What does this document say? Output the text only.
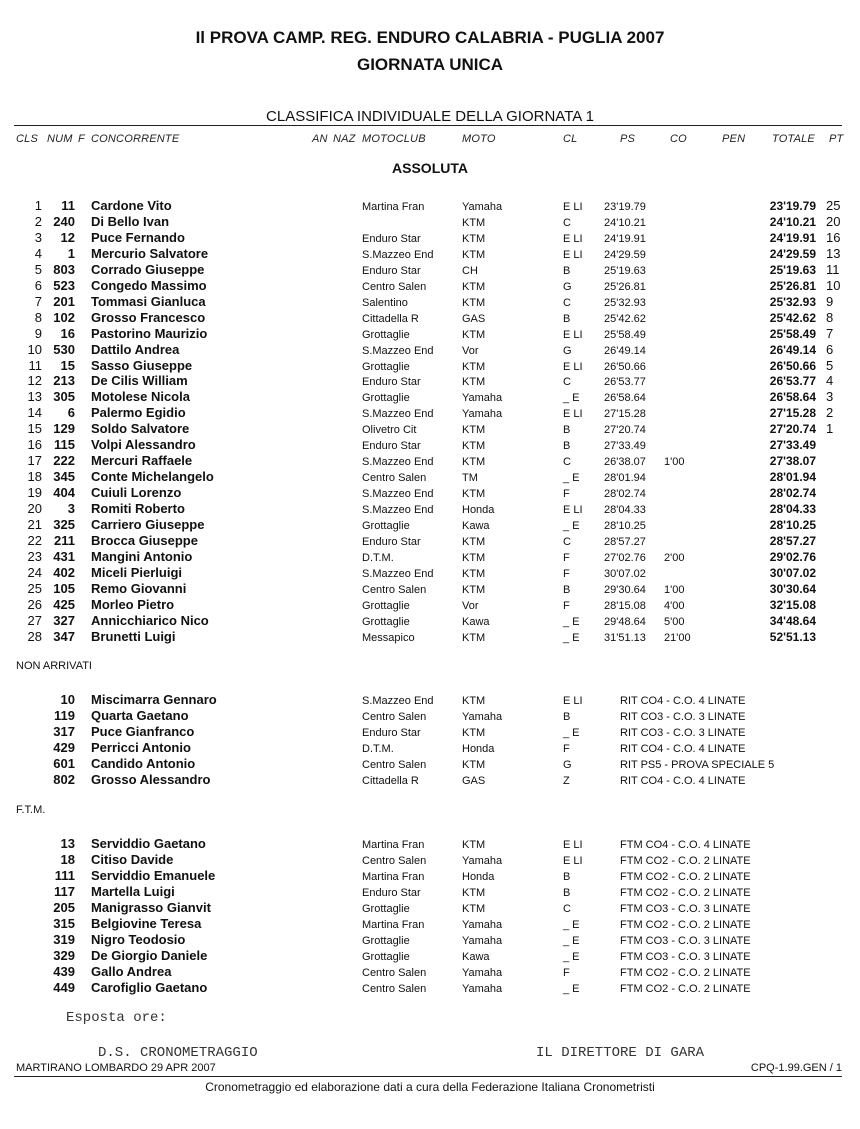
Il PROVA CAMP. REG. ENDURO CALABRIA - PUGLIA 2007
GIORNATA UNICA
CLASSIFICA INDIVIDUALE DELLA GIORNATA 1
CLS NUM F CONCORRENTE	AN NAZ MOTOCLUB	MOTO	CL	PS	CO	PEN TOTALE PT
ASSOLUTA
1 11 Cardone Vito	Martina Fran	Yamaha	E LI 23'19.79	23'19.79 25
2 240 Di Bello Ivan	KTM	C	24'10.21	24'10.21 20
3 12 Puce Fernando	Enduro Star	KTM	E LI 24'19.91	24'19.91 16
4 1 Mercurio Salvatore	S.Mazzeo End	KTM	E LI 24'29.59	24'29.59 13
5 803 Corrado Giuseppe	Enduro Star	CH	B	25'19.63	25'19.63 11
6 523 Congedo Massimo	Centro Salen	KTM	G	25'26.81	25'26.81 10
7 201 Tommasi Gianluca	Salentino	KTM	C	25'32.93	25'32.93 9
8 102 Grosso Francesco	Cittadella R	GAS	B	25'42.62	25'42.62 8
9 16 Pastorino Maurizio	Grottaglie	KTM	E LI 25'58.49	25'58.49 7
10 530 Dattilo Andrea	S.Mazzeo End	Vor	G	26'49.14	26'49.14 6
11 15 Sasso Giuseppe	Grottaglie	KTM	E LI 26'50.66	26'50.66 5
12 213 De Cilis William	Enduro Star	KTM	C	26'53.77	26'53.77 4
13 305 Motolese Nicola	Grottaglie	Yamaha	_ E 26'58.64	26'58.64 3
14 6 Palermo Egidio	S.Mazzeo End	Yamaha	E LI 27'15.28	27'15.28 2
15 129 Soldo Salvatore	Olivetro Cit	KTM	B	27'20.74	27'20.74 1
16 115 Volpi Alessandro	Enduro Star	KTM	B	27'33.49	27'33.49
17 222 Mercuri Raffaele	S.Mazzeo End	KTM	C	26'38.07 1'00	27'38.07
18 345 Conte Michelangelo	Centro Salen	TM	_ E 28'01.94	28'01.94
19 404 Cuiuli Lorenzo	S.Mazzeo End	KTM	F	28'02.74	28'02.74
20 3 Romiti Roberto	S.Mazzeo End	Honda	E LI 28'04.33	28'04.33
21 325 Carriero Giuseppe	Grottaglie	Kawa	_ E 28'10.25	28'10.25
22 211 Brocca Giuseppe	Enduro Star	KTM	C	28'57.27	28'57.27
23 431 Mangini Antonio	D.T.M.	KTM	F	27'02.76 2'00	29'02.76
24 402 Miceli Pierluigi	S.Mazzeo End	KTM	F	30'07.02	30'07.02
25 105 Remo Giovanni	Centro Salen	KTM	B	29'30.64 1'00	30'30.64
26 425 Morleo Pietro	Grottaglie	Vor	F	28'15.08 4'00	32'15.08
27 327 Annicchiarico Nico	Grottaglie	Kawa	_ E 29'48.64 5'00	34'48.64
28 347 Brunetti Luigi	Messapico	KTM	_ E 31'51.13 21'00	52'51.13
NON ARRIVATI
10 Miscimarra Gennaro	S.Mazzeo End	KTM	E LI	RIT CO4 - C.O. 4 LINATE
119 Quarta Gaetano	Centro Salen	Yamaha	B	RIT CO3 - C.O. 3 LINATE
317 Puce Gianfranco	Enduro Star	KTM	_ E	RIT CO3 - C.O. 3 LINATE
429 Perricci Antonio	D.T.M.	Honda	F	RIT CO4 - C.O. 4 LINATE
601 Candido Antonio	Centro Salen	KTM	G	RIT PS5 - PROVA SPECIALE 5
802 Grosso Alessandro	Cittadella R	GAS	Z	RIT CO4 - C.O. 4 LINATE
F.T.M.
13 Serviddio Gaetano	Martina Fran	KTM	E LI	FTM CO4 - C.O. 4 LINATE
18 Citiso Davide	Centro Salen	Yamaha	E LI	FTM CO2 - C.O. 2 LINATE
111 Serviddio Emanuele	Martina Fran	Honda	B	FTM CO2 - C.O. 2 LINATE
117 Martella Luigi	Enduro Star	KTM	B	FTM CO2 - C.O. 2 LINATE
205 Manigrasso Gianvit	Grottaglie	KTM	C	FTM CO3 - C.O. 3 LINATE
315 Belgiovine Teresa	Martina Fran	Yamaha	_ E	FTM CO2 - C.O. 2 LINATE
319 Nigro Teodosio	Grottaglie	Yamaha	_ E	FTM CO3 - C.O. 3 LINATE
329 De Giorgio Daniele	Grottaglie	Kawa	_ E	FTM CO3 - C.O. 3 LINATE
439 Gallo Andrea	Centro Salen	Yamaha	F	FTM CO2 - C.O. 2 LINATE
449 Carofiglio Gaetano	Centro Salen	Yamaha	_ E	FTM CO2 - C.O. 2 LINATE
Esposta ore:
D.S. CRONOMETRAGGIO	IL DIRETTORE DI GARA
MARTIRANO LOMBARDO 29 APR 2007	CPQ-1.99.GEN / 1
Cronometraggio ed elaborazione dati a cura della Federazione Italiana Cronometristi
